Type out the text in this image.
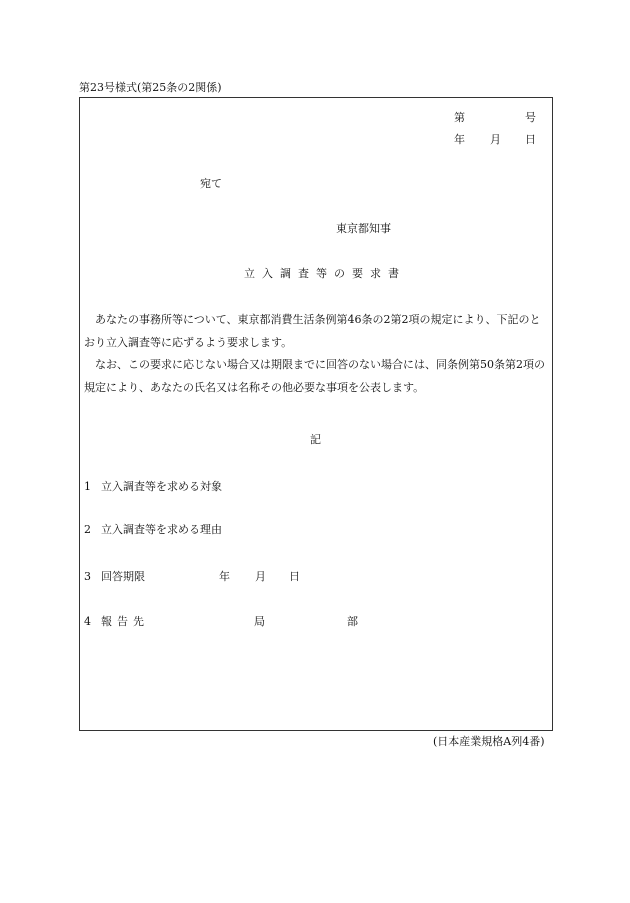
第23号様式(第25条の2関係)
第	号
年 月 日
宛て
東京都知事
立入調査等の要求書
あなたの事務所等について、東京都消費生活条例第46条の2第2項の規定により、下記のとおり立入調査等に応ずるよう要求します。
なお、この要求に応じない場合又は期限までに回答のない場合には、同条例第50条第2項の規定により、あなたの氏名又は名称その他必要な事項を公表します。
記
1 立入調査等を求める対象
2 立入調査等を求める理由
3 回答期限	年 月 日
4 報告先	局	部
(日本産業規格A列4番)
